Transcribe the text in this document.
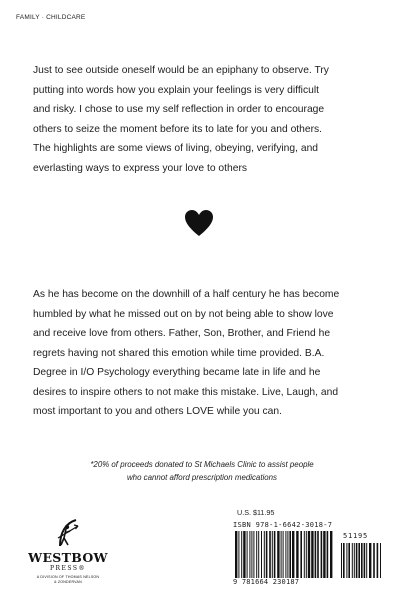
FAMILY · CHILDCARE

Just to see outside oneself would be an epiphany to observe. Try
putting into words how you explain your feelings is very difficult
and risky. I chose to use my self reflection in order to encourage
others to seize the moment before its to late for you and others.
The highlights are some views of living, obeying, verifying, and
everlasting ways to express your love to others

As he has become on the downhill of a half century he has become
humbled by what he missed out on by not being able to show love
and receive love from others. Father, Son, Brother, and Friend he
regrets having not shared this emotion while time provided. B.A.
Degree in I/O Psychology everything became late in life and he
desires to inspire others to not make this mistake. Live, Laugh, and
most important to you and others LOVE while you can.

*20% of proceeds donated to St Michaels Clinic to assist people
who cannot afford prescription medications

U.S. $11.95
ISBN 978-1-6642-3018-7
51195
9 781664 230187
WESTBOW
PRESS®
A DIVISION OF THOMAS NELSON
& ZONDERVAN
